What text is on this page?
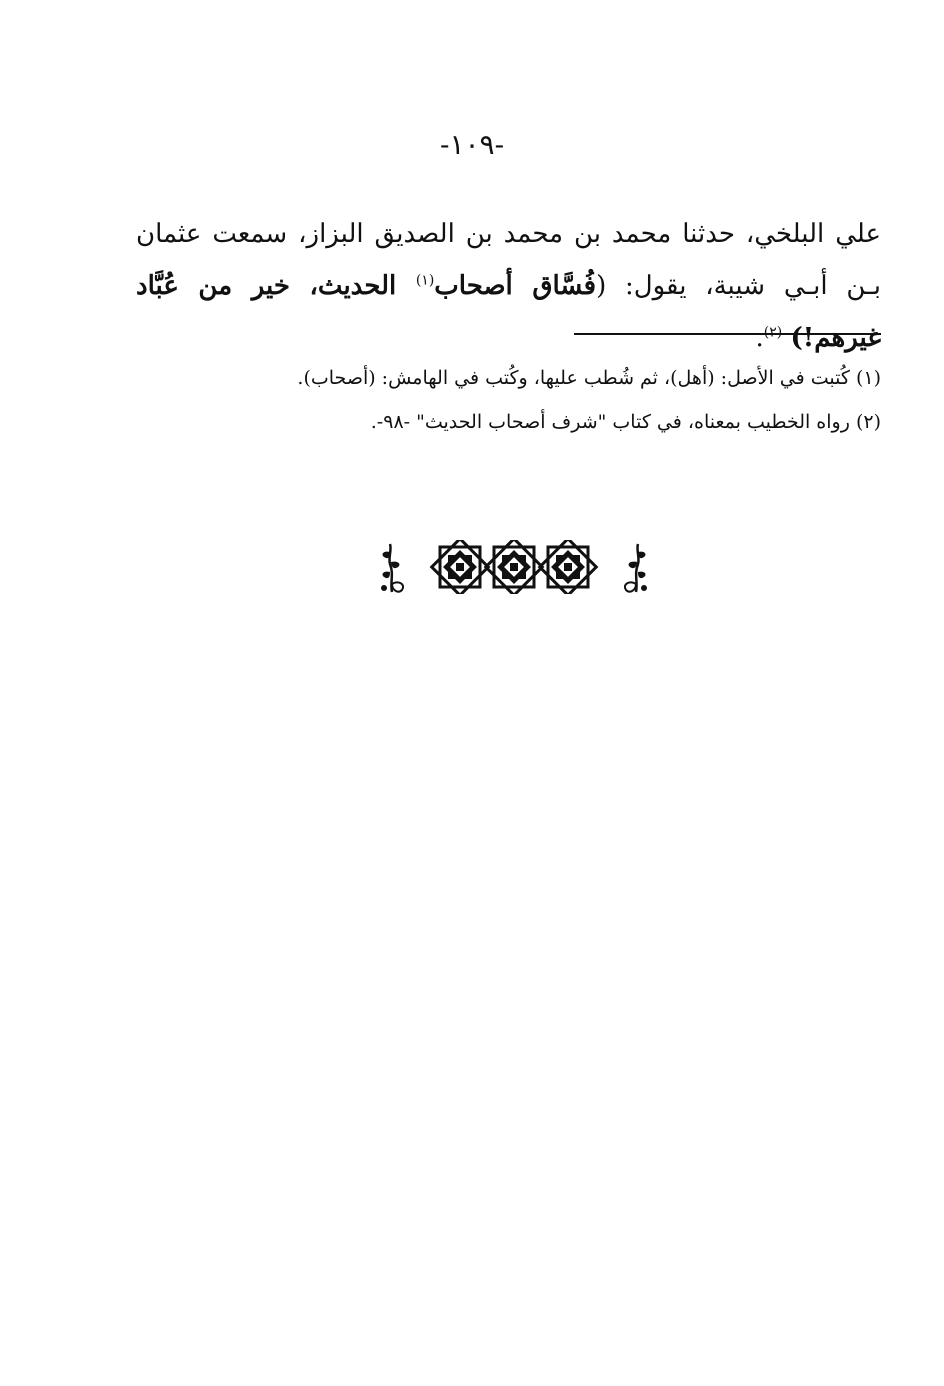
-١٠٩-
علي البلخي، حدثنا محمد بن محمد بن الصديق البزاز، سمعت عثمان بـن أبـي شيبة، يقول: (فُسَّاق أصحاب$^{(١)}$ الحديث، خير من عُبَّاد غيرهم!) $^{(٢)}$.
(١) كُتبت في الأصل: (أهل)، ثم شُطب عليها، وكُتب في الهامش: (أصحاب).
(٢) رواه الخطيب بمعناه، في كتاب "شرف أصحاب الحديث" -٩٨-.
